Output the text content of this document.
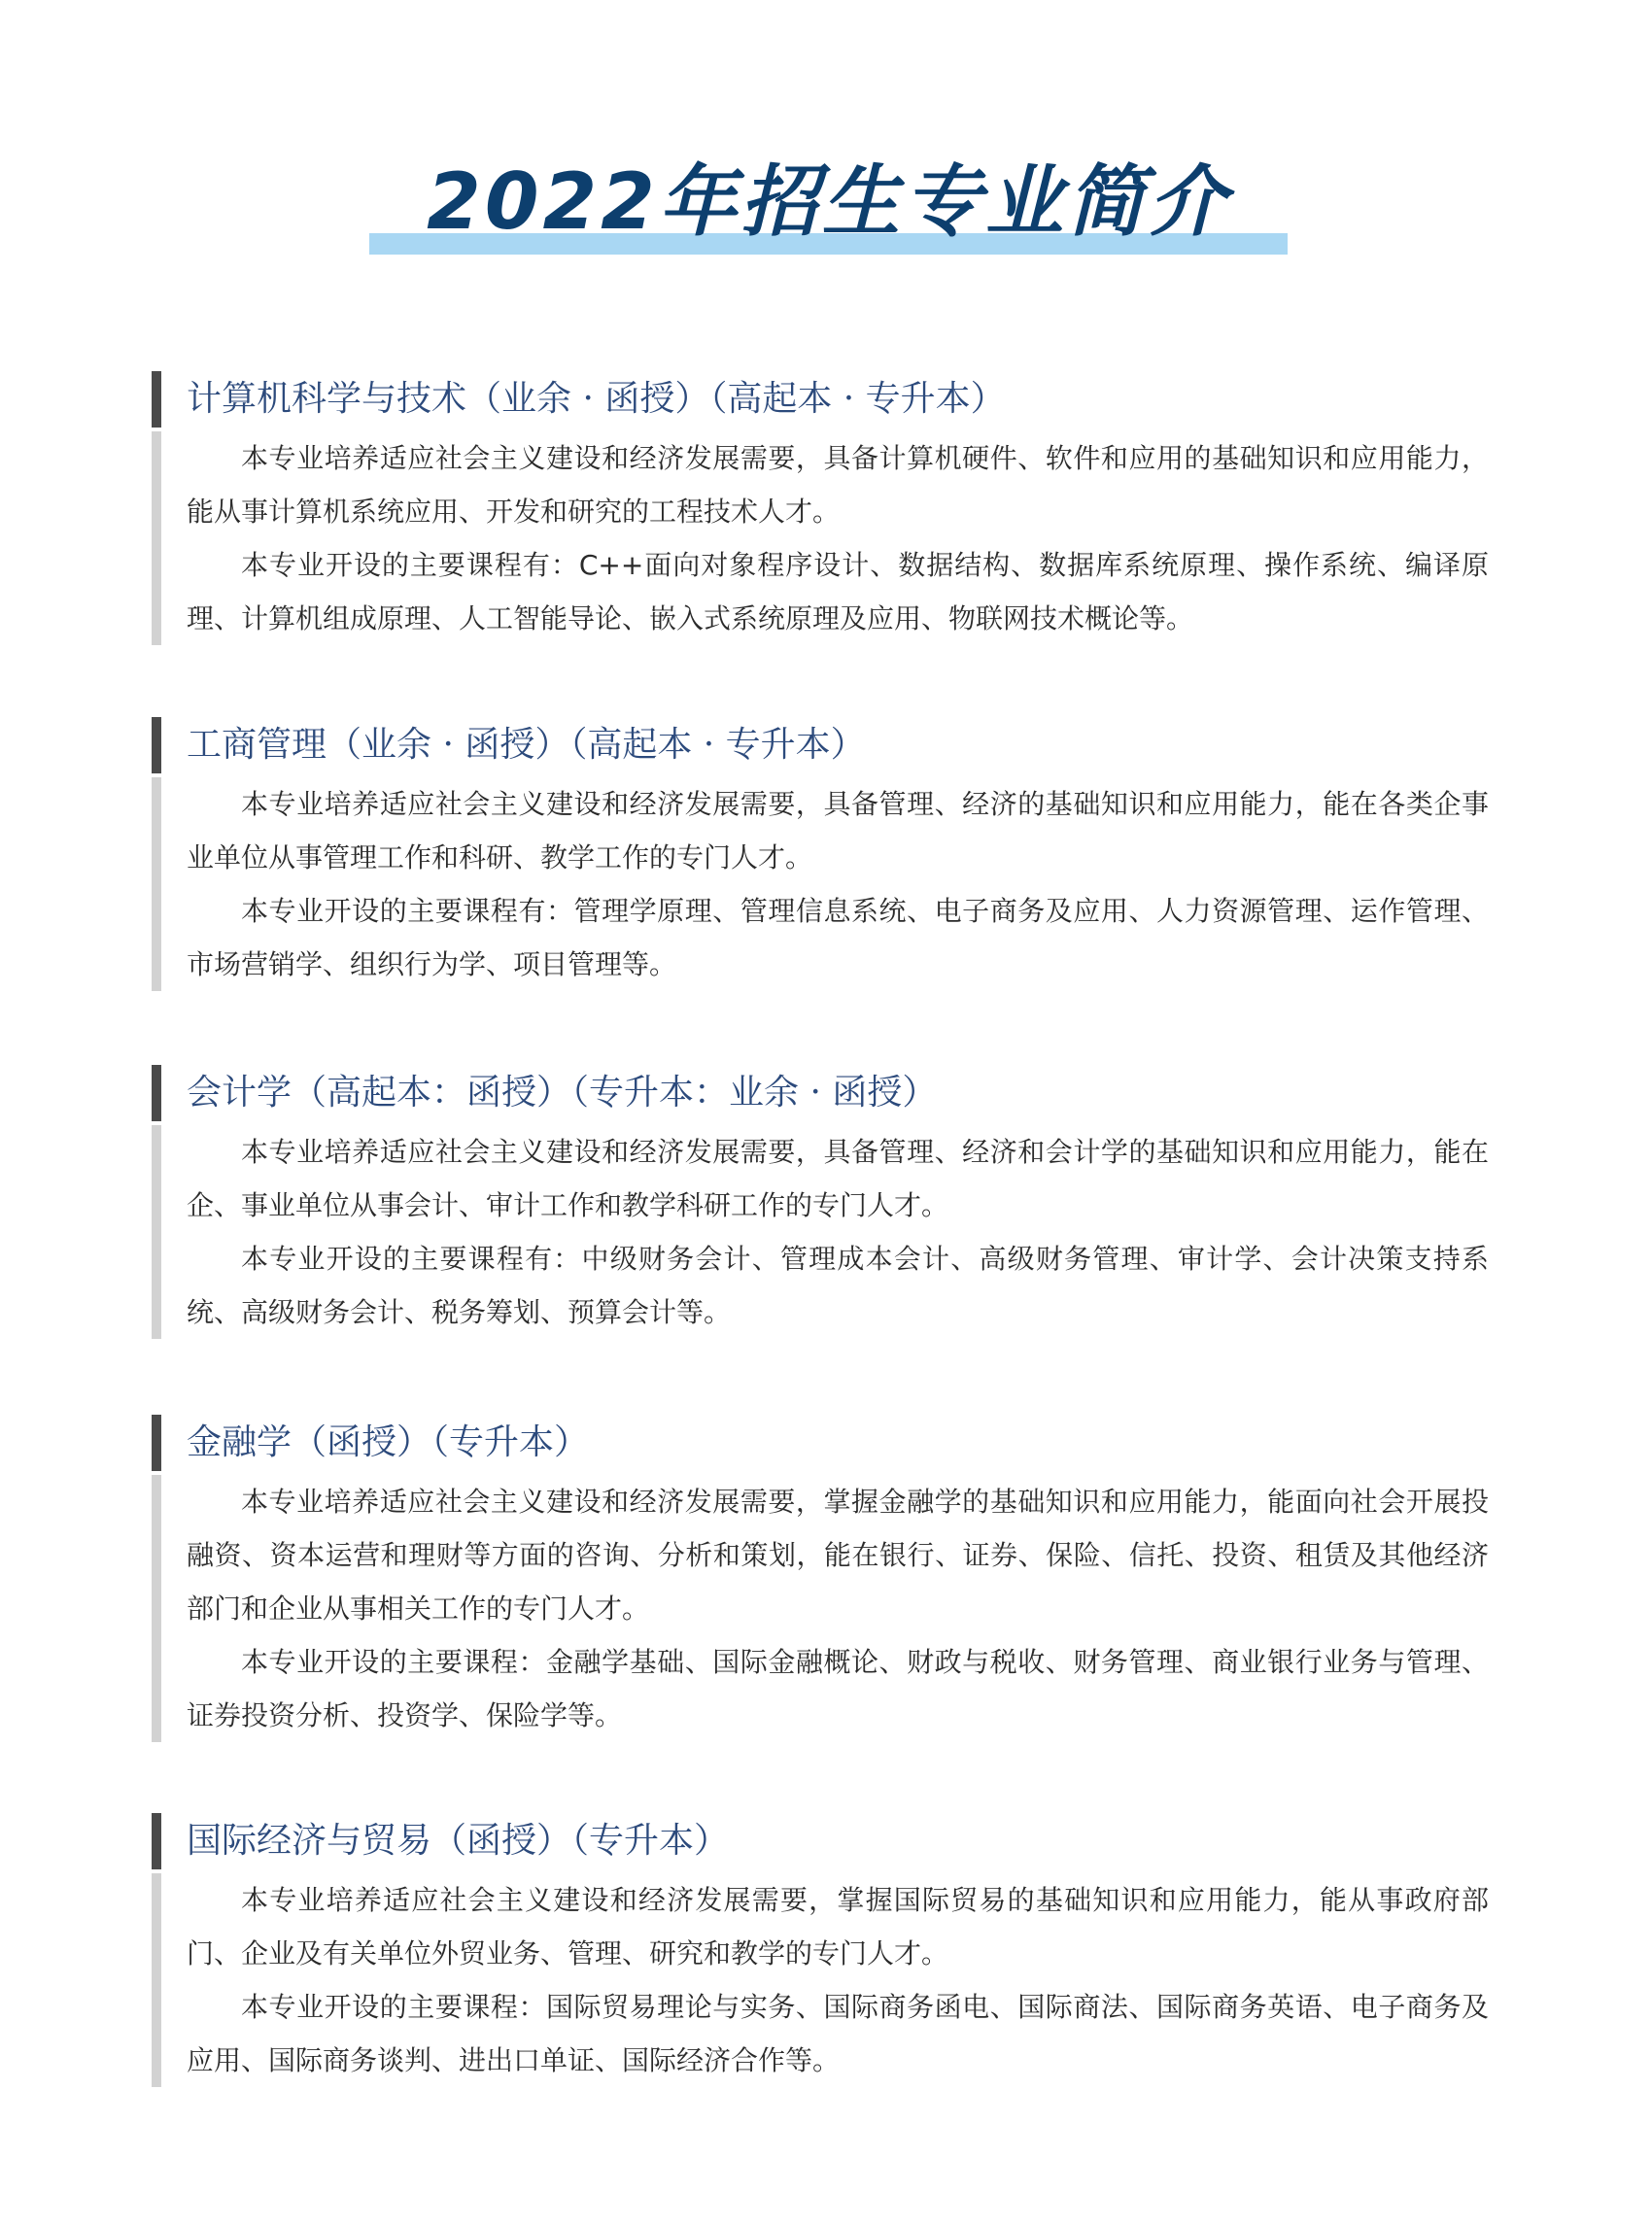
2022年招生专业简介
计算机科学与技术（业余 · 函授）（高起本 · 专升本）

本专业培养适应社会主义建设和经济发展需要，具备计算机硬件、软件和应用的基础知识和应用能力，能从事计算机系统应用、开发和研究的工程技术人才。

本专业开设的主要课程有：C++面向对象程序设计、数据结构、数据库系统原理、操作系统、编译原理、计算机组成原理、人工智能导论、嵌入式系统原理及应用、物联网技术概论等。

工商管理（业余 · 函授）（高起本 · 专升本）

本专业培养适应社会主义建设和经济发展需要，具备管理、经济的基础知识和应用能力，能在各类企事业单位从事管理工作和科研、教学工作的专门人才。

本专业开设的主要课程有：管理学原理、管理信息系统、电子商务及应用、人力资源管理、运作管理、市场营销学、组织行为学、项目管理等。

会计学（高起本：函授）（专升本：业余 · 函授）

本专业培养适应社会主义建设和经济发展需要，具备管理、经济和会计学的基础知识和应用能力，能在企、事业单位从事会计、审计工作和教学科研工作的专门人才。

本专业开设的主要课程有：中级财务会计、管理成本会计、高级财务管理、审计学、会计决策支持系统、高级财务会计、税务筹划、预算会计等。

金融学（函授）（专升本）

本专业培养适应社会主义建设和经济发展需要，掌握金融学的基础知识和应用能力，能面向社会开展投融资、资本运营和理财等方面的咨询、分析和策划，能在银行、证券、保险、信托、投资、租赁及其他经济部门和企业从事相关工作的专门人才。

本专业开设的主要课程：金融学基础、国际金融概论、财政与税收、财务管理、商业银行业务与管理、证券投资分析、投资学、保险学等。

国际经济与贸易（函授）（专升本）

本专业培养适应社会主义建设和经济发展需要，掌握国际贸易的基础知识和应用能力，能从事政府部门、企业及有关单位外贸业务、管理、研究和教学的专门人才。

本专业开设的主要课程：国际贸易理论与实务、国际商务函电、国际商法、国际商务英语、电子商务及应用、国际商务谈判、进出口单证、国际经济合作等。
